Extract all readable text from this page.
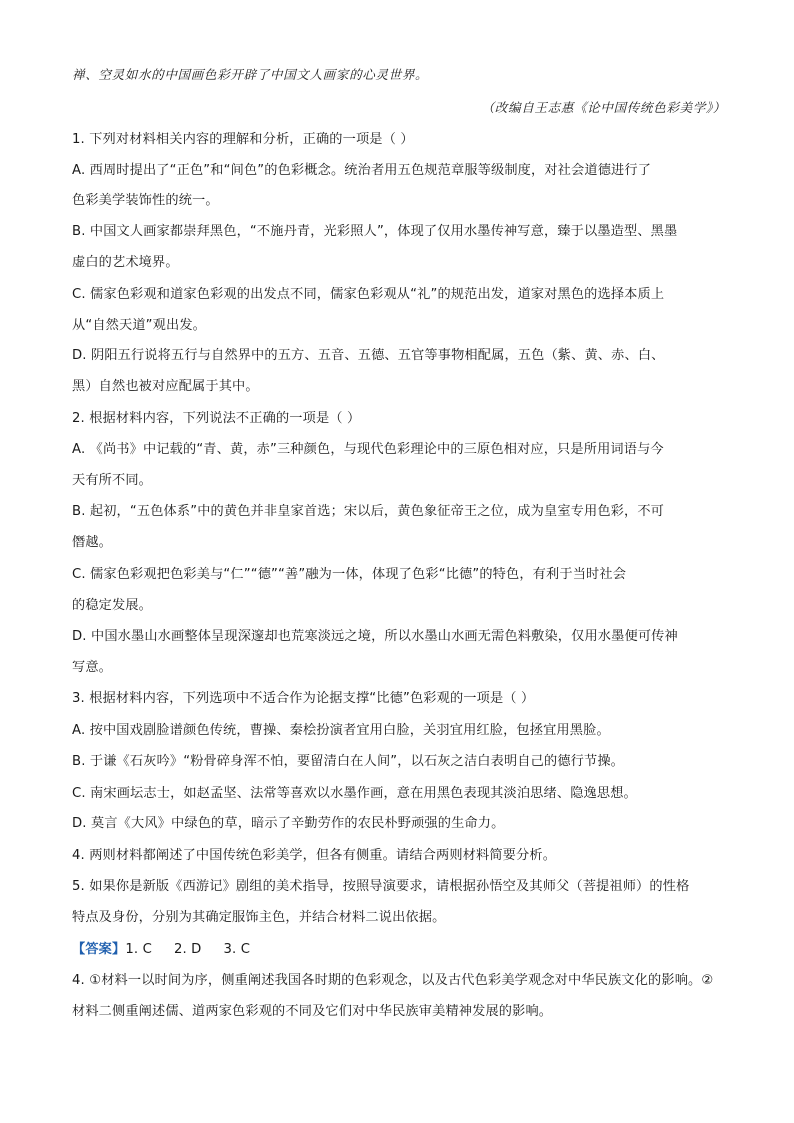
禅、空灵如水的中国画色彩开辟了中国文人画家的心灵世界。
（改编自王志惠《论中国传统色彩美学》）
1. 下列对材料相关内容的理解和分析，正确的一项是（ ）
A. 西周时提出了“正色”和“间色”的色彩概念。统治者用五色规范章服等级制度，对社会道德进行了
色彩美学装饰性的统一。
B. 中国文人画家都崇拜黑色，“不施丹青，光彩照人”，体现了仅用水墨传神写意，臻于以墨造型、黑墨
虚白的艺术境界。
C. 儒家色彩观和道家色彩观的出发点不同，儒家色彩观从“礼”的规范出发，道家对黑色的选择本质上
从“自然天道”观出发。
D. 阴阳五行说将五行与自然界中的五方、五音、五德、五官等事物相配属，五色（紫、黄、赤、白、
黑）自然也被对应配属于其中。
2. 根据材料内容，下列说法不正确的一项是（ ）
A. 《尚书》中记载的“青、黄，赤”三种颜色，与现代色彩理论中的三原色相对应，只是所用词语与今
天有所不同。
B. 起初，“五色体系”中的黄色并非皇家首选；宋以后，黄色象征帝王之位，成为皇室专用色彩，不可
僭越。
C. 儒家色彩观把色彩美与“仁”“德”“善”融为一体，体现了色彩“比德”的特色，有利于当时社会
的稳定发展。
D. 中国水墨山水画整体呈现深邃却也荒寒淡远之境，所以水墨山水画无需色料敷染，仅用水墨便可传神
写意。
3. 根据材料内容，下列选项中不适合作为论据支撑“比德”色彩观的一项是（ ）
A. 按中国戏剧脸谱颜色传统，曹操、秦桧扮演者宜用白脸，关羽宜用红脸，包拯宜用黑脸。
B. 于谦《石灰吟》“粉骨碎身浑不怕，要留清白在人间”，以石灰之洁白表明自己的德行节操。
C. 南宋画坛志士，如赵孟坚、法常等喜欢以水墨作画，意在用黑色表现其淡泊思绪、隐逸思想。
D. 莫言《大风》中绿色的草，暗示了辛勤劳作的农民朴野顽强的生命力。
4. 两则材料都阐述了中国传统色彩美学，但各有侧重。请结合两则材料简要分析。
5. 如果你是新版《西游记》剧组的美术指导，按照导演要求，请根据孙悟空及其师父（菩提祖师）的性格
特点及身份，分别为其确定服饰主色，并结合材料二说出依据。
【答案】1. C 2. D 3. C
4. ①材料一以时间为序，侧重阐述我国各时期的色彩观念，以及古代色彩美学观念对中华民族文化的影响。②
材料二侧重阐述儒、道两家色彩观的不同及它们对中华民族审美精神发展的影响。
